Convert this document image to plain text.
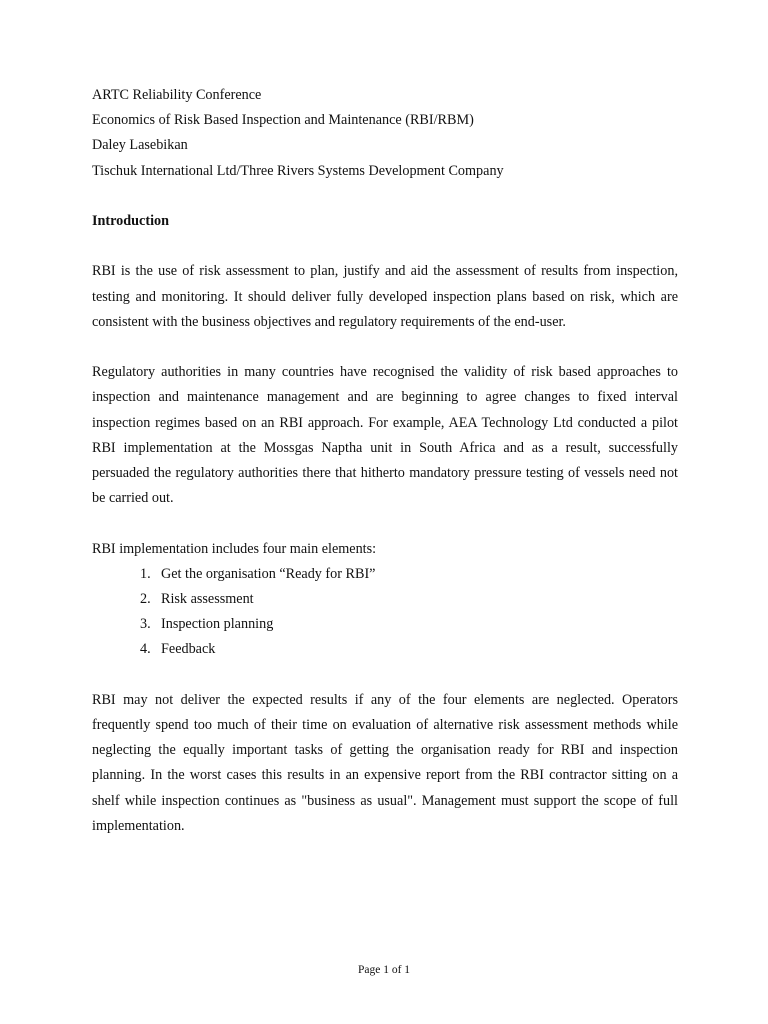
ARTC Reliability Conference
Economics of Risk Based Inspection and Maintenance (RBI/RBM)
Daley Lasebikan
Tischuk International Ltd/Three Rivers Systems Development Company
Introduction

RBI is the use of risk assessment to plan, justify and aid the assessment of results from inspection, testing and monitoring. It should deliver fully developed inspection plans based on risk, which are consistent with the business objectives and regulatory requirements of the end-user.

Regulatory authorities in many countries have recognised the validity of risk based approaches to inspection and maintenance management and are beginning to agree changes to fixed interval inspection regimes based on an RBI approach. For example, AEA Technology Ltd conducted a pilot RBI implementation at the Mossgas Naptha unit in South Africa and as a result, successfully persuaded the regulatory authorities there that hitherto mandatory pressure testing of vessels need not be carried out.

RBI implementation includes four main elements:
1. Get the organisation “Ready for RBI”
2. Risk assessment
3. Inspection planning
4. Feedback

RBI may not deliver the expected results if any of the four elements are neglected. Operators frequently spend too much of their time on evaluation of alternative risk assessment methods while neglecting the equally important tasks of getting the organisation ready for RBI and inspection planning. In the worst cases this results in an expensive report from the RBI contractor sitting on a shelf while inspection continues as "business as usual". Management must support the scope of full implementation.

Page 1 of 1
